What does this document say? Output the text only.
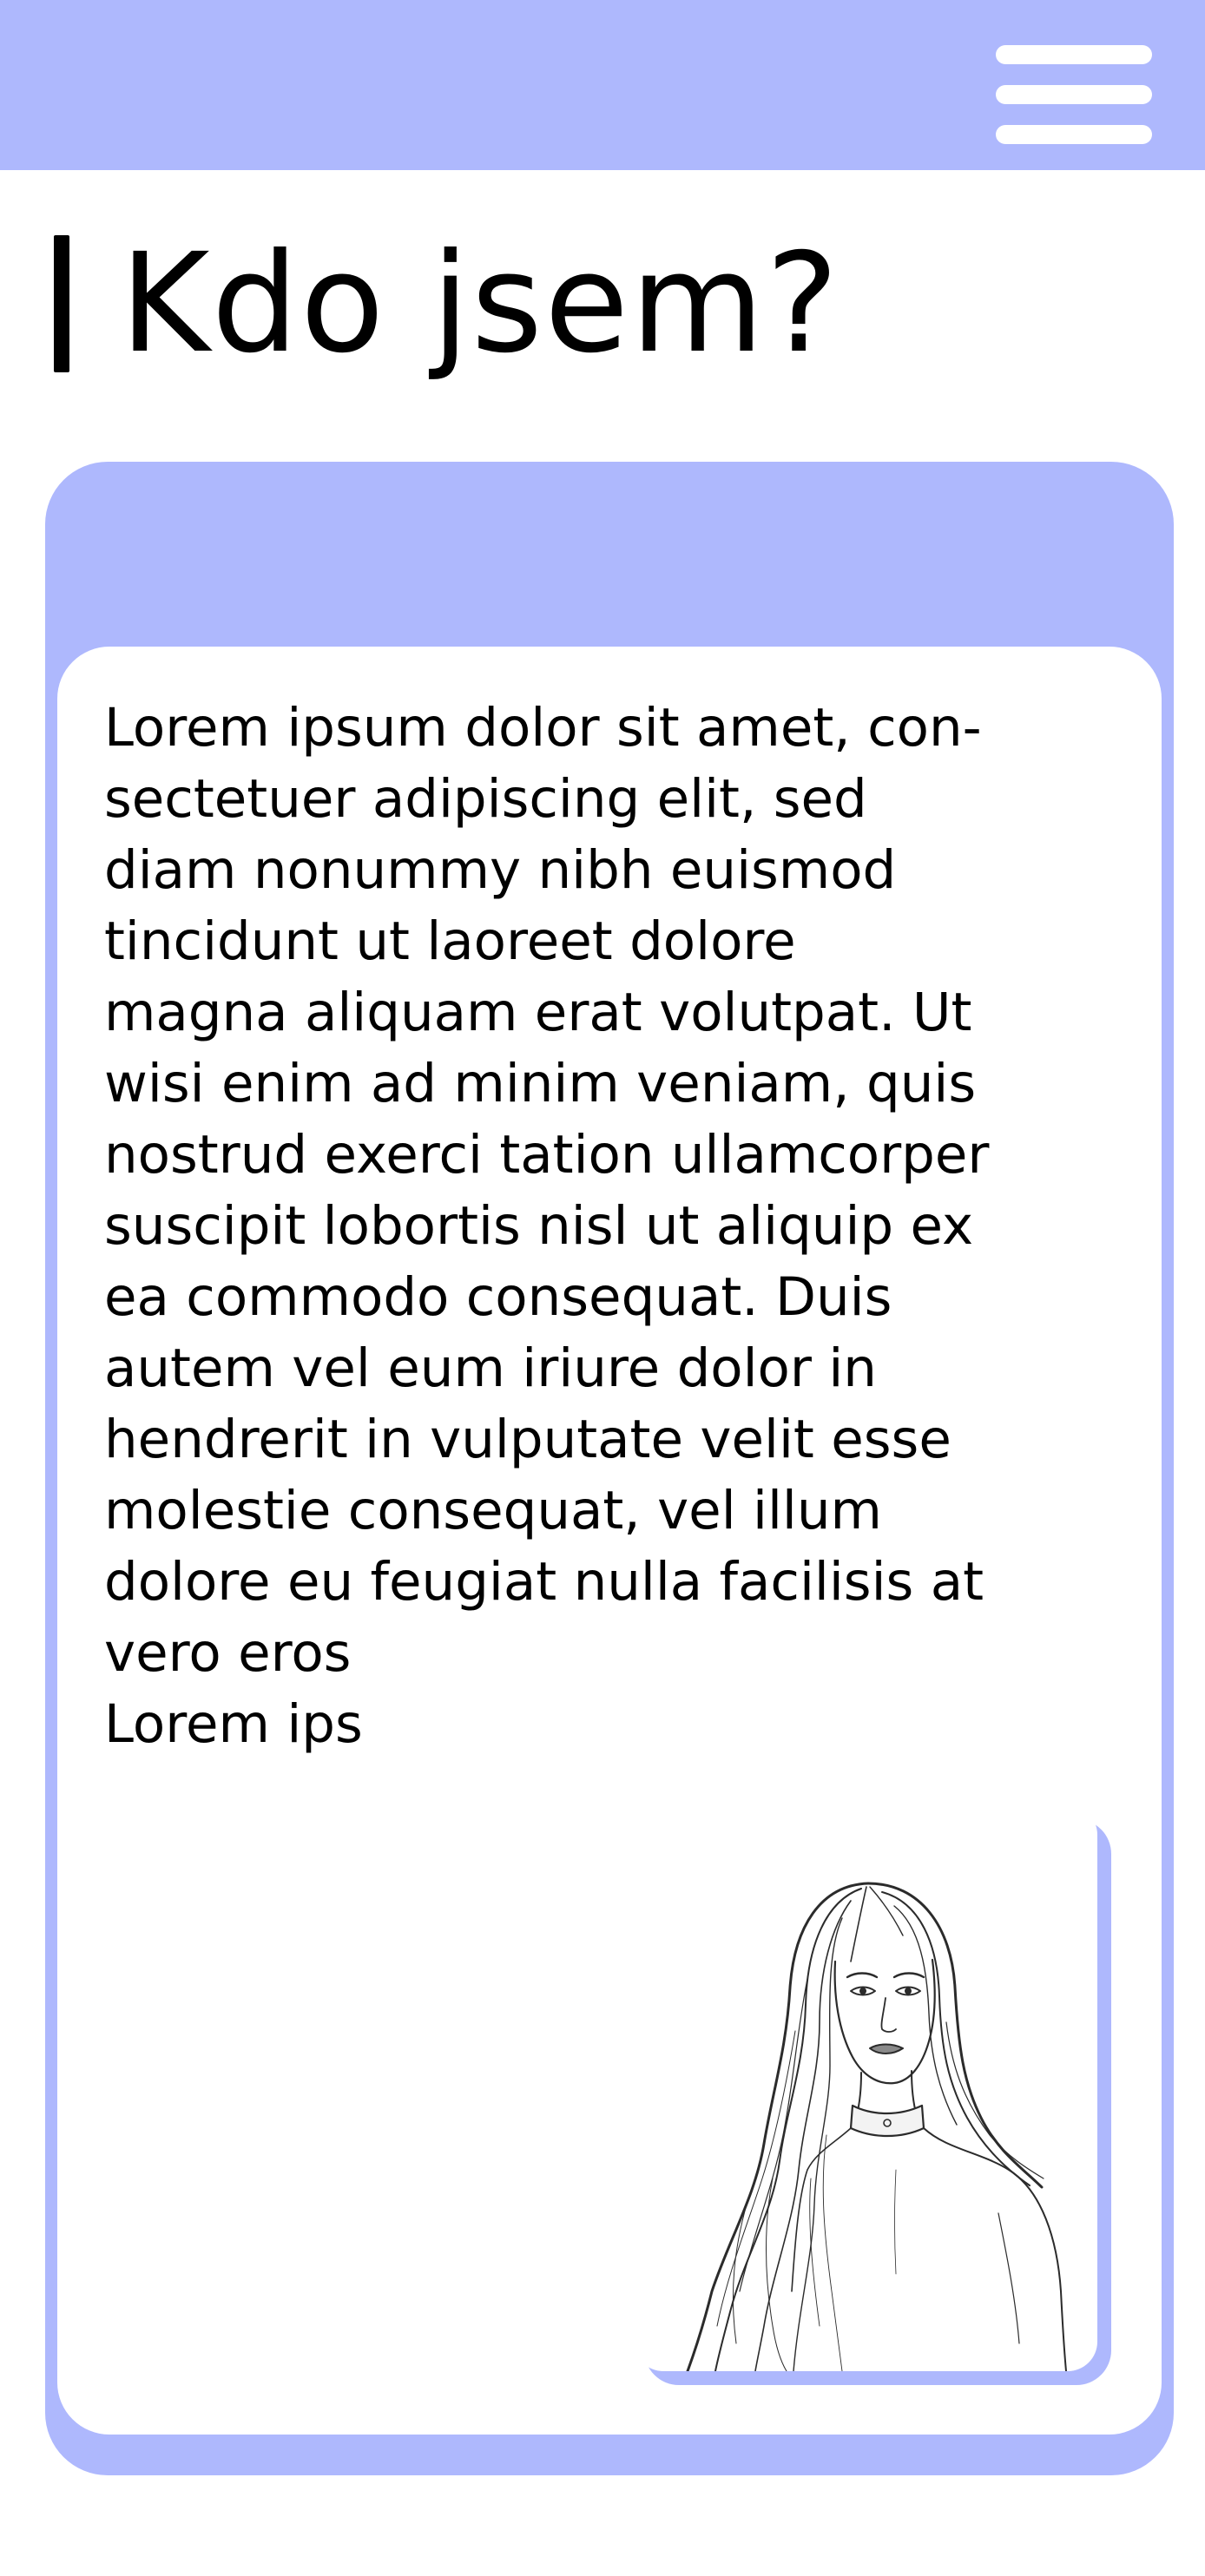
Kdo jsem?

Lorem ipsum dolor sit amet, con-
sectetuer adipiscing elit, sed
diam nonummy nibh euismod
tincidunt ut laoreet dolore
magna aliquam erat volutpat. Ut
wisi enim ad minim veniam, quis
nostrud exerci tation ullamcorper
suscipit lobortis nisl ut aliquip ex
ea commodo consequat. Duis
autem vel eum iriure dolor in
hendrerit in vulputate velit esse
molestie consequat, vel illum
dolore eu feugiat nulla facilisis at
vero eros
Lorem ips
